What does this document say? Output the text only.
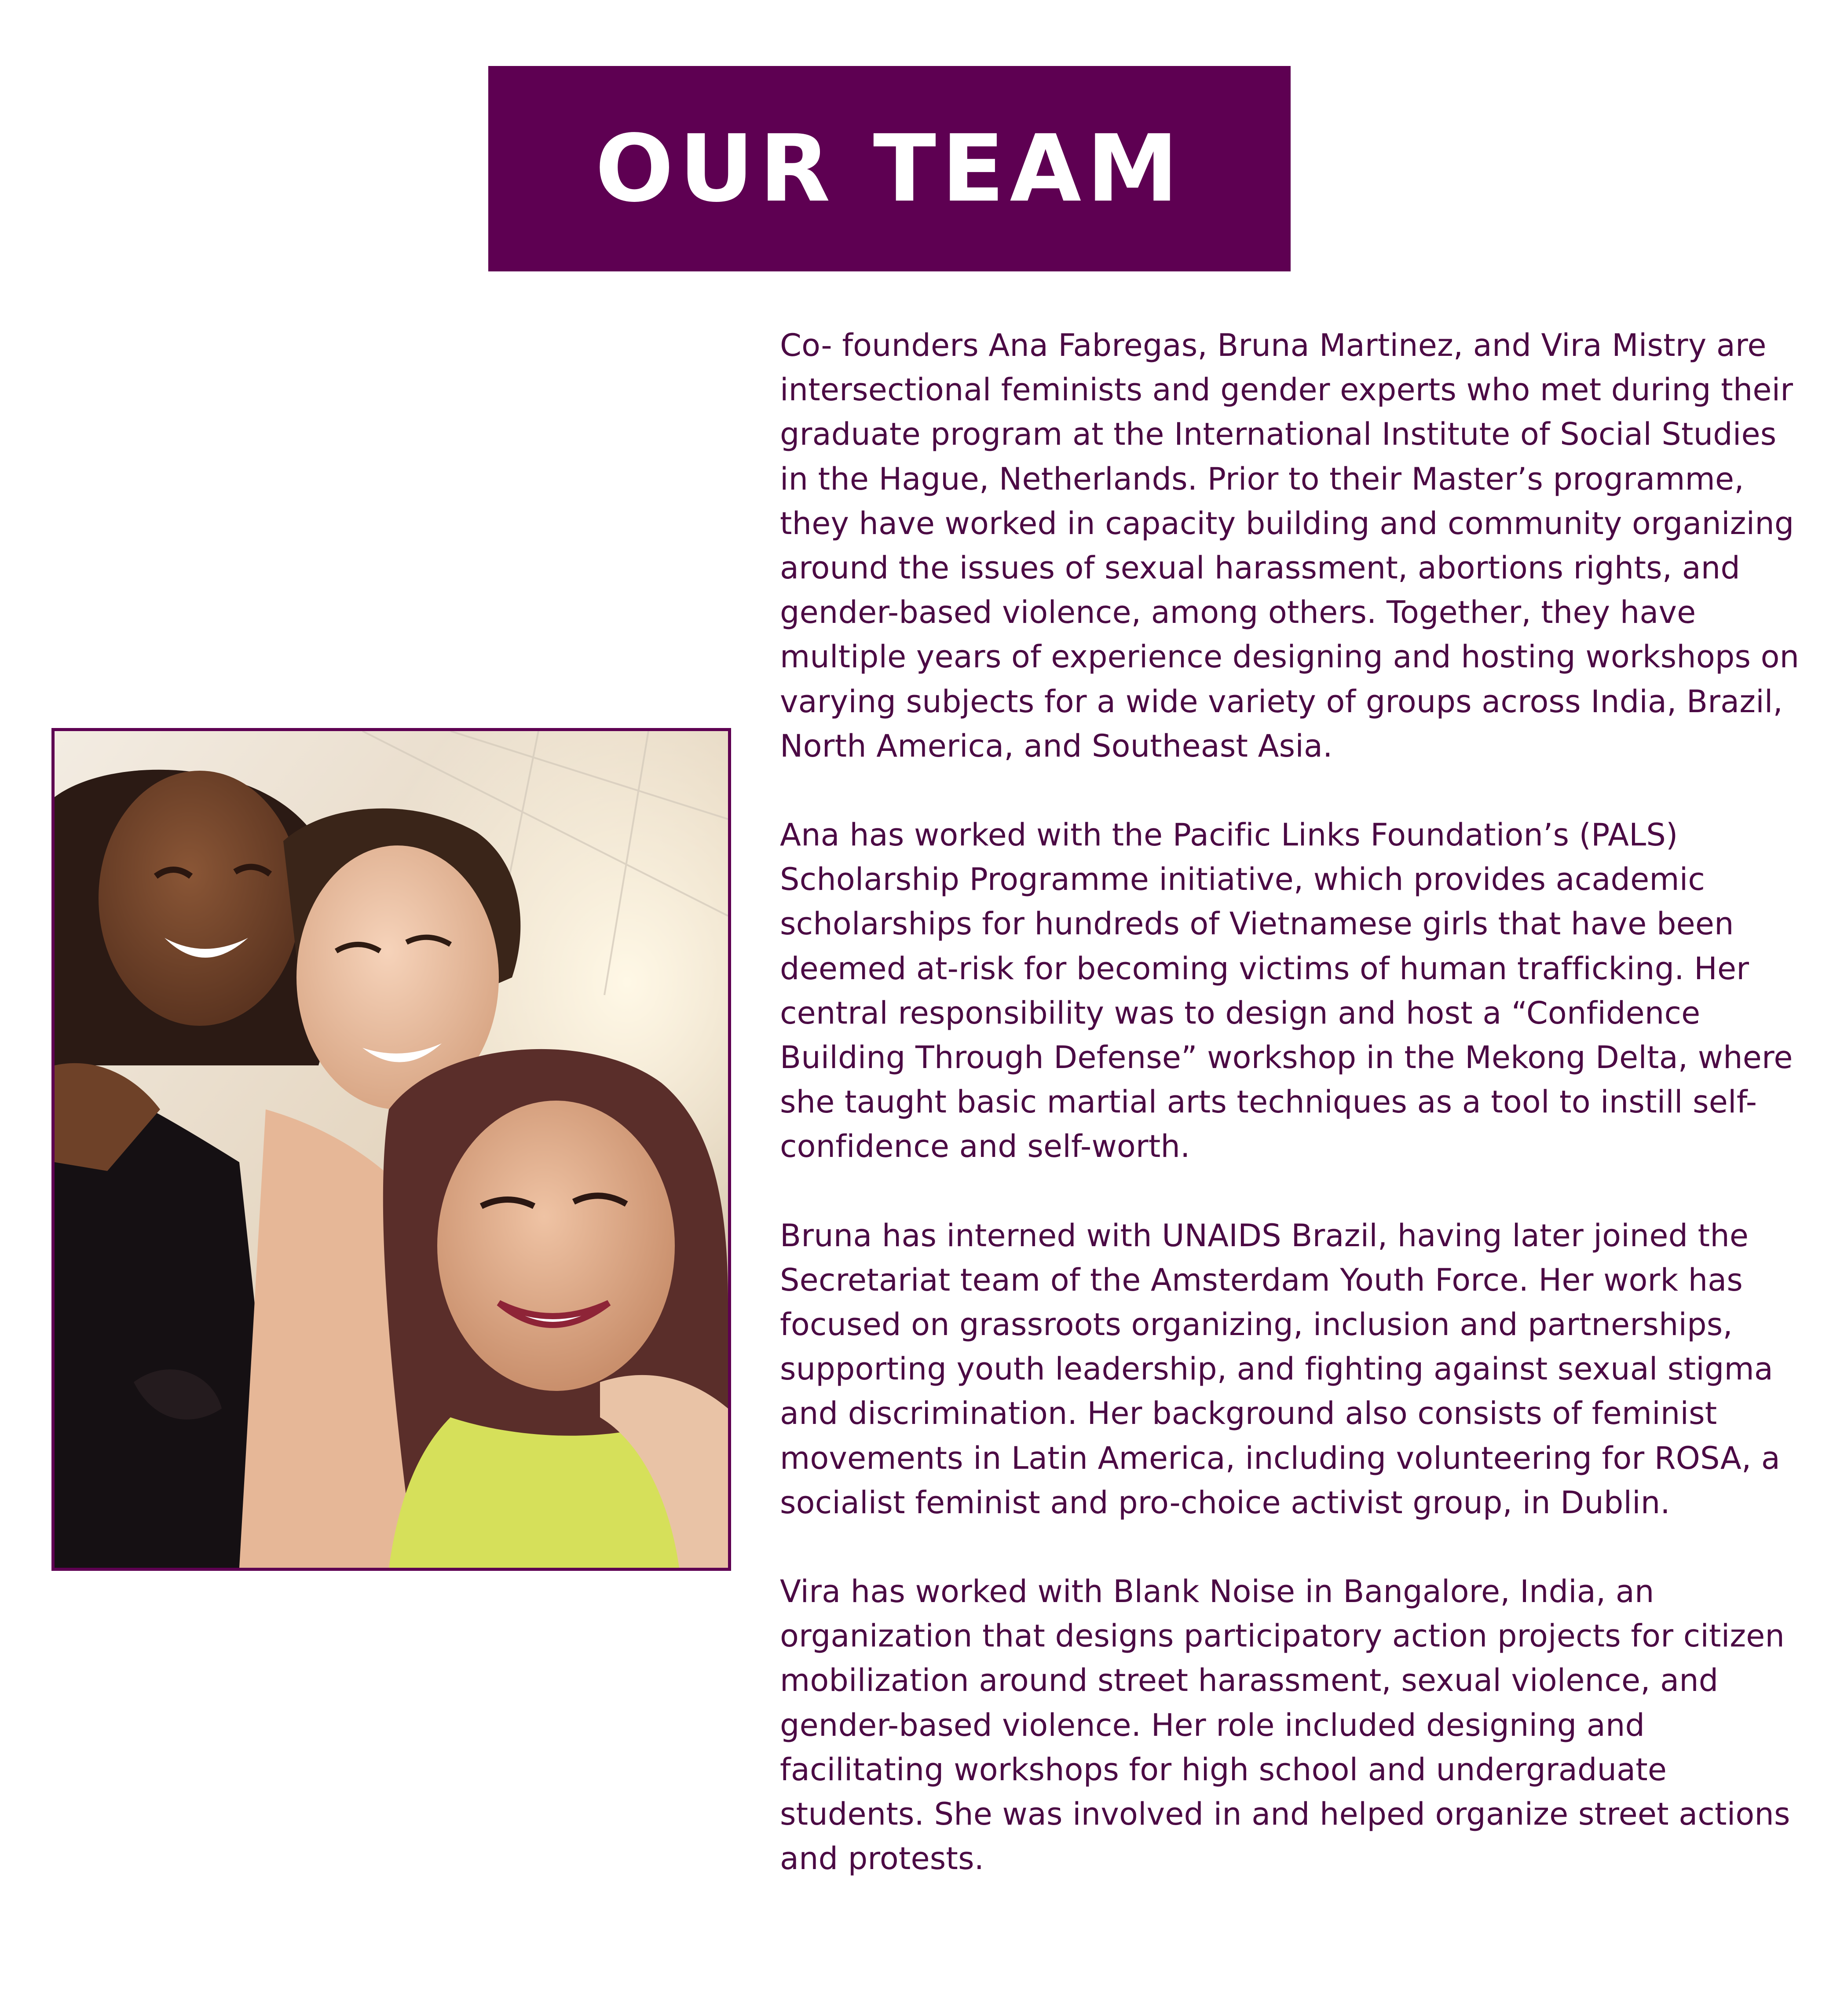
OUR TEAM

Co- founders Ana Fabregas, Bruna Martinez, and Vira Mistry are intersectional feminists and gender experts who met during their graduate program at the International Institute of Social Studies in the Hague, Netherlands. Prior to their Master’s programme, they have worked in capacity building and community organizing around the issues of sexual harassment, abortions rights, and gender-based violence, among others. Together, they have multiple years of experience designing and hosting workshops on varying subjects for a wide variety of groups across India, Brazil, North America, and Southeast Asia.

Ana has worked with the Pacific Links Foundation’s (PALS) Scholarship Programme initiative, which provides academic scholarships for hundreds of Vietnamese girls that have been deemed at-risk for becoming victims of human trafficking. Her central responsibility was to design and host a “Confidence Building Through Defense” workshop in the Mekong Delta, where she taught basic martial arts techniques as a tool to instill self-confidence and self-worth.

Bruna has interned with UNAIDS Brazil, having later joined the Secretariat team of the Amsterdam Youth Force. Her work has focused on grassroots organizing, inclusion and partnerships, supporting youth leadership, and fighting against sexual stigma and discrimination. Her background also consists of feminist movements in Latin America, including volunteering for ROSA, a socialist feminist and pro-choice activist group, in Dublin.

Vira has worked with Blank Noise in Bangalore, India, an organization that designs participatory action projects for citizen mobilization around street harassment, sexual violence, and gender-based violence. Her role included designing and facilitating workshops for high school and undergraduate students. She was involved in and helped organize street actions and protests.
